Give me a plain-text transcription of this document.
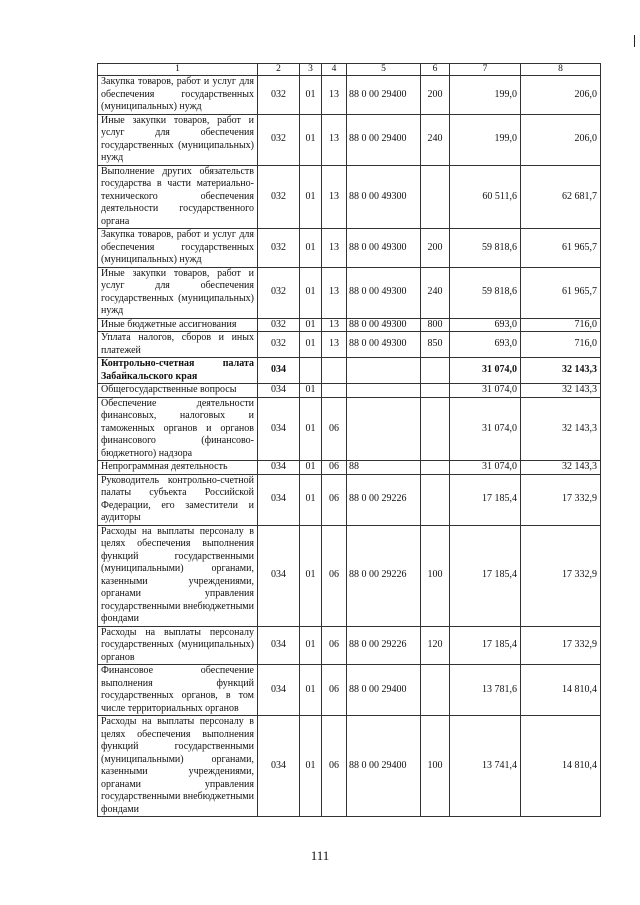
1	2	3	4	5	6	7	8
Закупка товаров, работ и услуг для обеспечения государственных (муниципальных) нужд	032	01	13	88 0 00 29400	200	199,0	206,0
Иные закупки товаров, работ и услуг для обеспечения государственных (муниципальных) нужд	032	01	13	88 0 00 29400	240	199,0	206,0
Выполнение других обязательств государства в части материально-технического обеспечения деятельности государственного органа	032	01	13	88 0 00 49300		60 511,6	62 681,7
Закупка товаров, работ и услуг для обеспечения государственных (муниципальных) нужд	032	01	13	88 0 00 49300	200	59 818,6	61 965,7
Иные закупки товаров, работ и услуг для обеспечения государственных (муниципальных) нужд	032	01	13	88 0 00 49300	240	59 818,6	61 965,7
Иные бюджетные ассигнования	032	01	13	88 0 00 49300	800	693,0	716,0
Уплата налогов, сборов и иных платежей	032	01	13	88 0 00 49300	850	693,0	716,0
Контрольно-счетная палата Забайкальского края	034					31 074,0	32 143,3
Общегосударственные вопросы	034	01				31 074,0	32 143,3
Обеспечение деятельности финансовых, налоговых и таможенных органов и органов финансового (финансово-бюджетного) надзора	034	01	06			31 074,0	32 143,3
Непрограммная деятельность	034	01	06	88		31 074,0	32 143,3
Руководитель контрольно-счетной палаты субъекта Российской Федерации, его заместители и аудиторы	034	01	06	88 0 00 29226		17 185,4	17 332,9
Расходы на выплаты персоналу в целях обеспечения выполнения функций государственными (муниципальными) органами, казенными учреждениями, органами управления государственными внебюджетными фондами	034	01	06	88 0 00 29226	100	17 185,4	17 332,9
Расходы на выплаты персоналу государственных (муниципальных) органов	034	01	06	88 0 00 29226	120	17 185,4	17 332,9
Финансовое обеспечение выполнения функций государственных органов, в том числе территориальных органов	034	01	06	88 0 00 29400		13 781,6	14 810,4
Расходы на выплаты персоналу в целях обеспечения выполнения функций государственными (муниципальными) органами, казенными учреждениями, органами управления государственными внебюджетными фондами	034	01	06	88 0 00 29400	100	13 741,4	14 810,4
111
